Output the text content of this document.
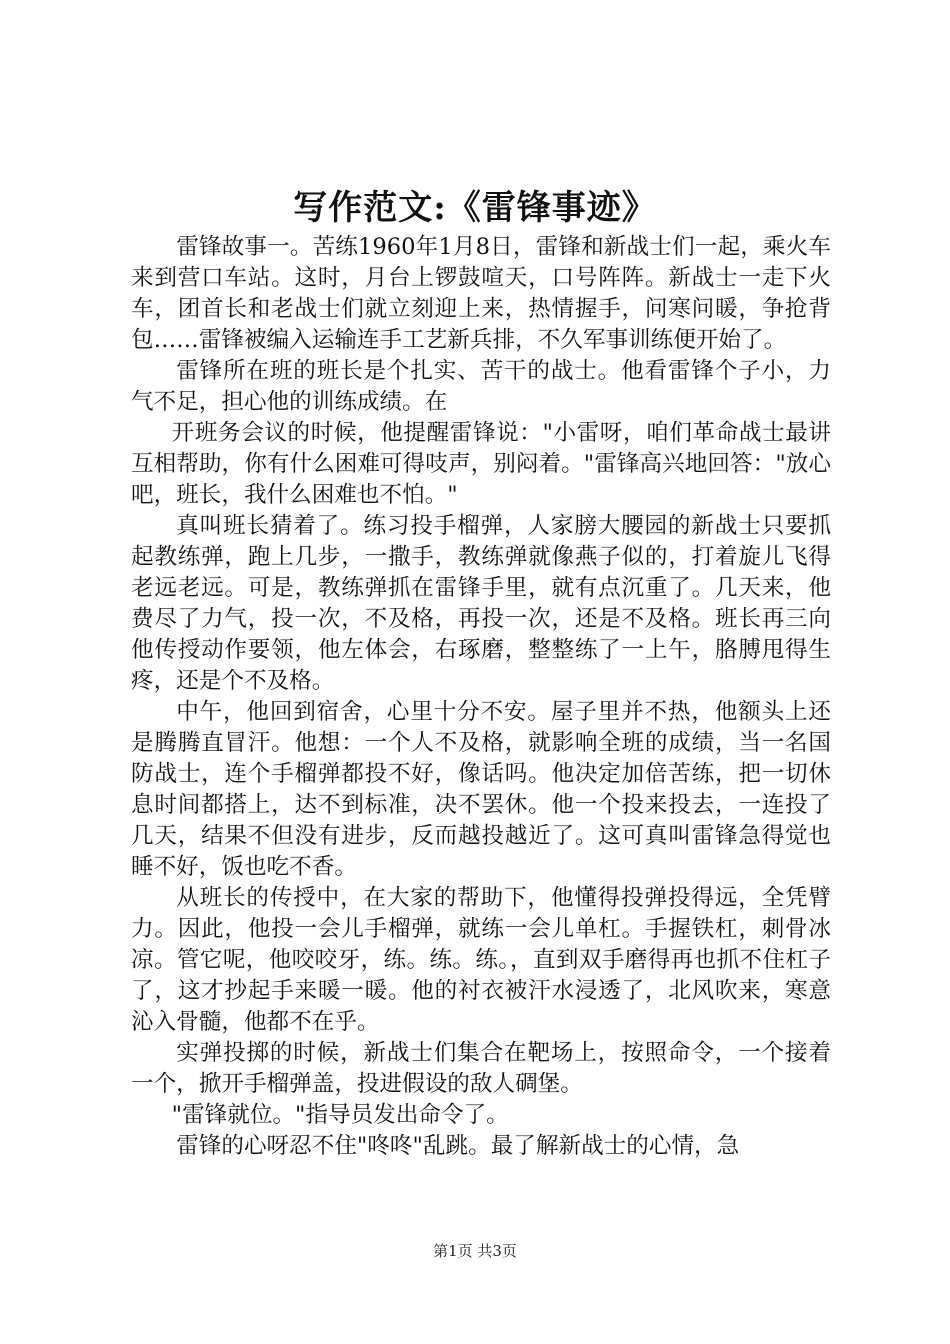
写作范文:《雷锋事迹》

雷锋故事一。苦练1960年1月8日，雷锋和新战士们一起，乘火车来到营口车站。这时，月台上锣鼓喧天，口号阵阵。新战士一走下火车，团首长和老战士们就立刻迎上来，热情握手，问寒问暖，争抢背包……雷锋被编入运输连手工艺新兵排，不久军事训练便开始了。

雷锋所在班的班长是个扎实、苦干的战士。他看雷锋个子小，力气不足，担心他的训练成绩。在

开班务会议的时候，他提醒雷锋说："小雷呀，咱们革命战士最讲互相帮助，你有什么困难可得吱声，别闷着。"雷锋高兴地回答："放心吧，班长，我什么困难也不怕。"

真叫班长猜着了。练习投手榴弹，人家膀大腰园的新战士只要抓起教练弹，跑上几步，一撒手，教练弹就像燕子似的，打着旋儿飞得老远老远。可是，教练弹抓在雷锋手里，就有点沉重了。几天来，他费尽了力气，投一次，不及格，再投一次，还是不及格。班长再三向他传授动作要领，他左体会，右琢磨，整整练了一上午，胳膊甩得生疼，还是个不及格。

中午，他回到宿舍，心里十分不安。屋子里并不热，他额头上还是腾腾直冒汗。他想：一个人不及格，就影响全班的成绩，当一名国防战士，连个手榴弹都投不好，像话吗。他决定加倍苦练，把一切休息时间都搭上，达不到标准，决不罢休。他一个投来投去，一连投了几天，结果不但没有进步，反而越投越近了。这可真叫雷锋急得觉也睡不好，饭也吃不香。

从班长的传授中，在大家的帮助下，他懂得投弹投得远，全凭臂力。因此，他投一会儿手榴弹，就练一会儿单杠。手握铁杠，刺骨冰凉。管它呢，他咬咬牙，练。练。练。，直到双手磨得再也抓不住杠子了，这才抄起手来暖一暖。他的衬衣被汗水浸透了，北风吹来，寒意沁入骨髓，他都不在乎。

实弹投掷的时候，新战士们集合在靶场上，按照命令，一个接着一个，掀开手榴弹盖，投进假设的敌人碉堡。

"雷锋就位。"指导员发出命令了。

雷锋的心呀忍不住"咚咚"乱跳。最了解新战士的心情，急

第1页 共3页
